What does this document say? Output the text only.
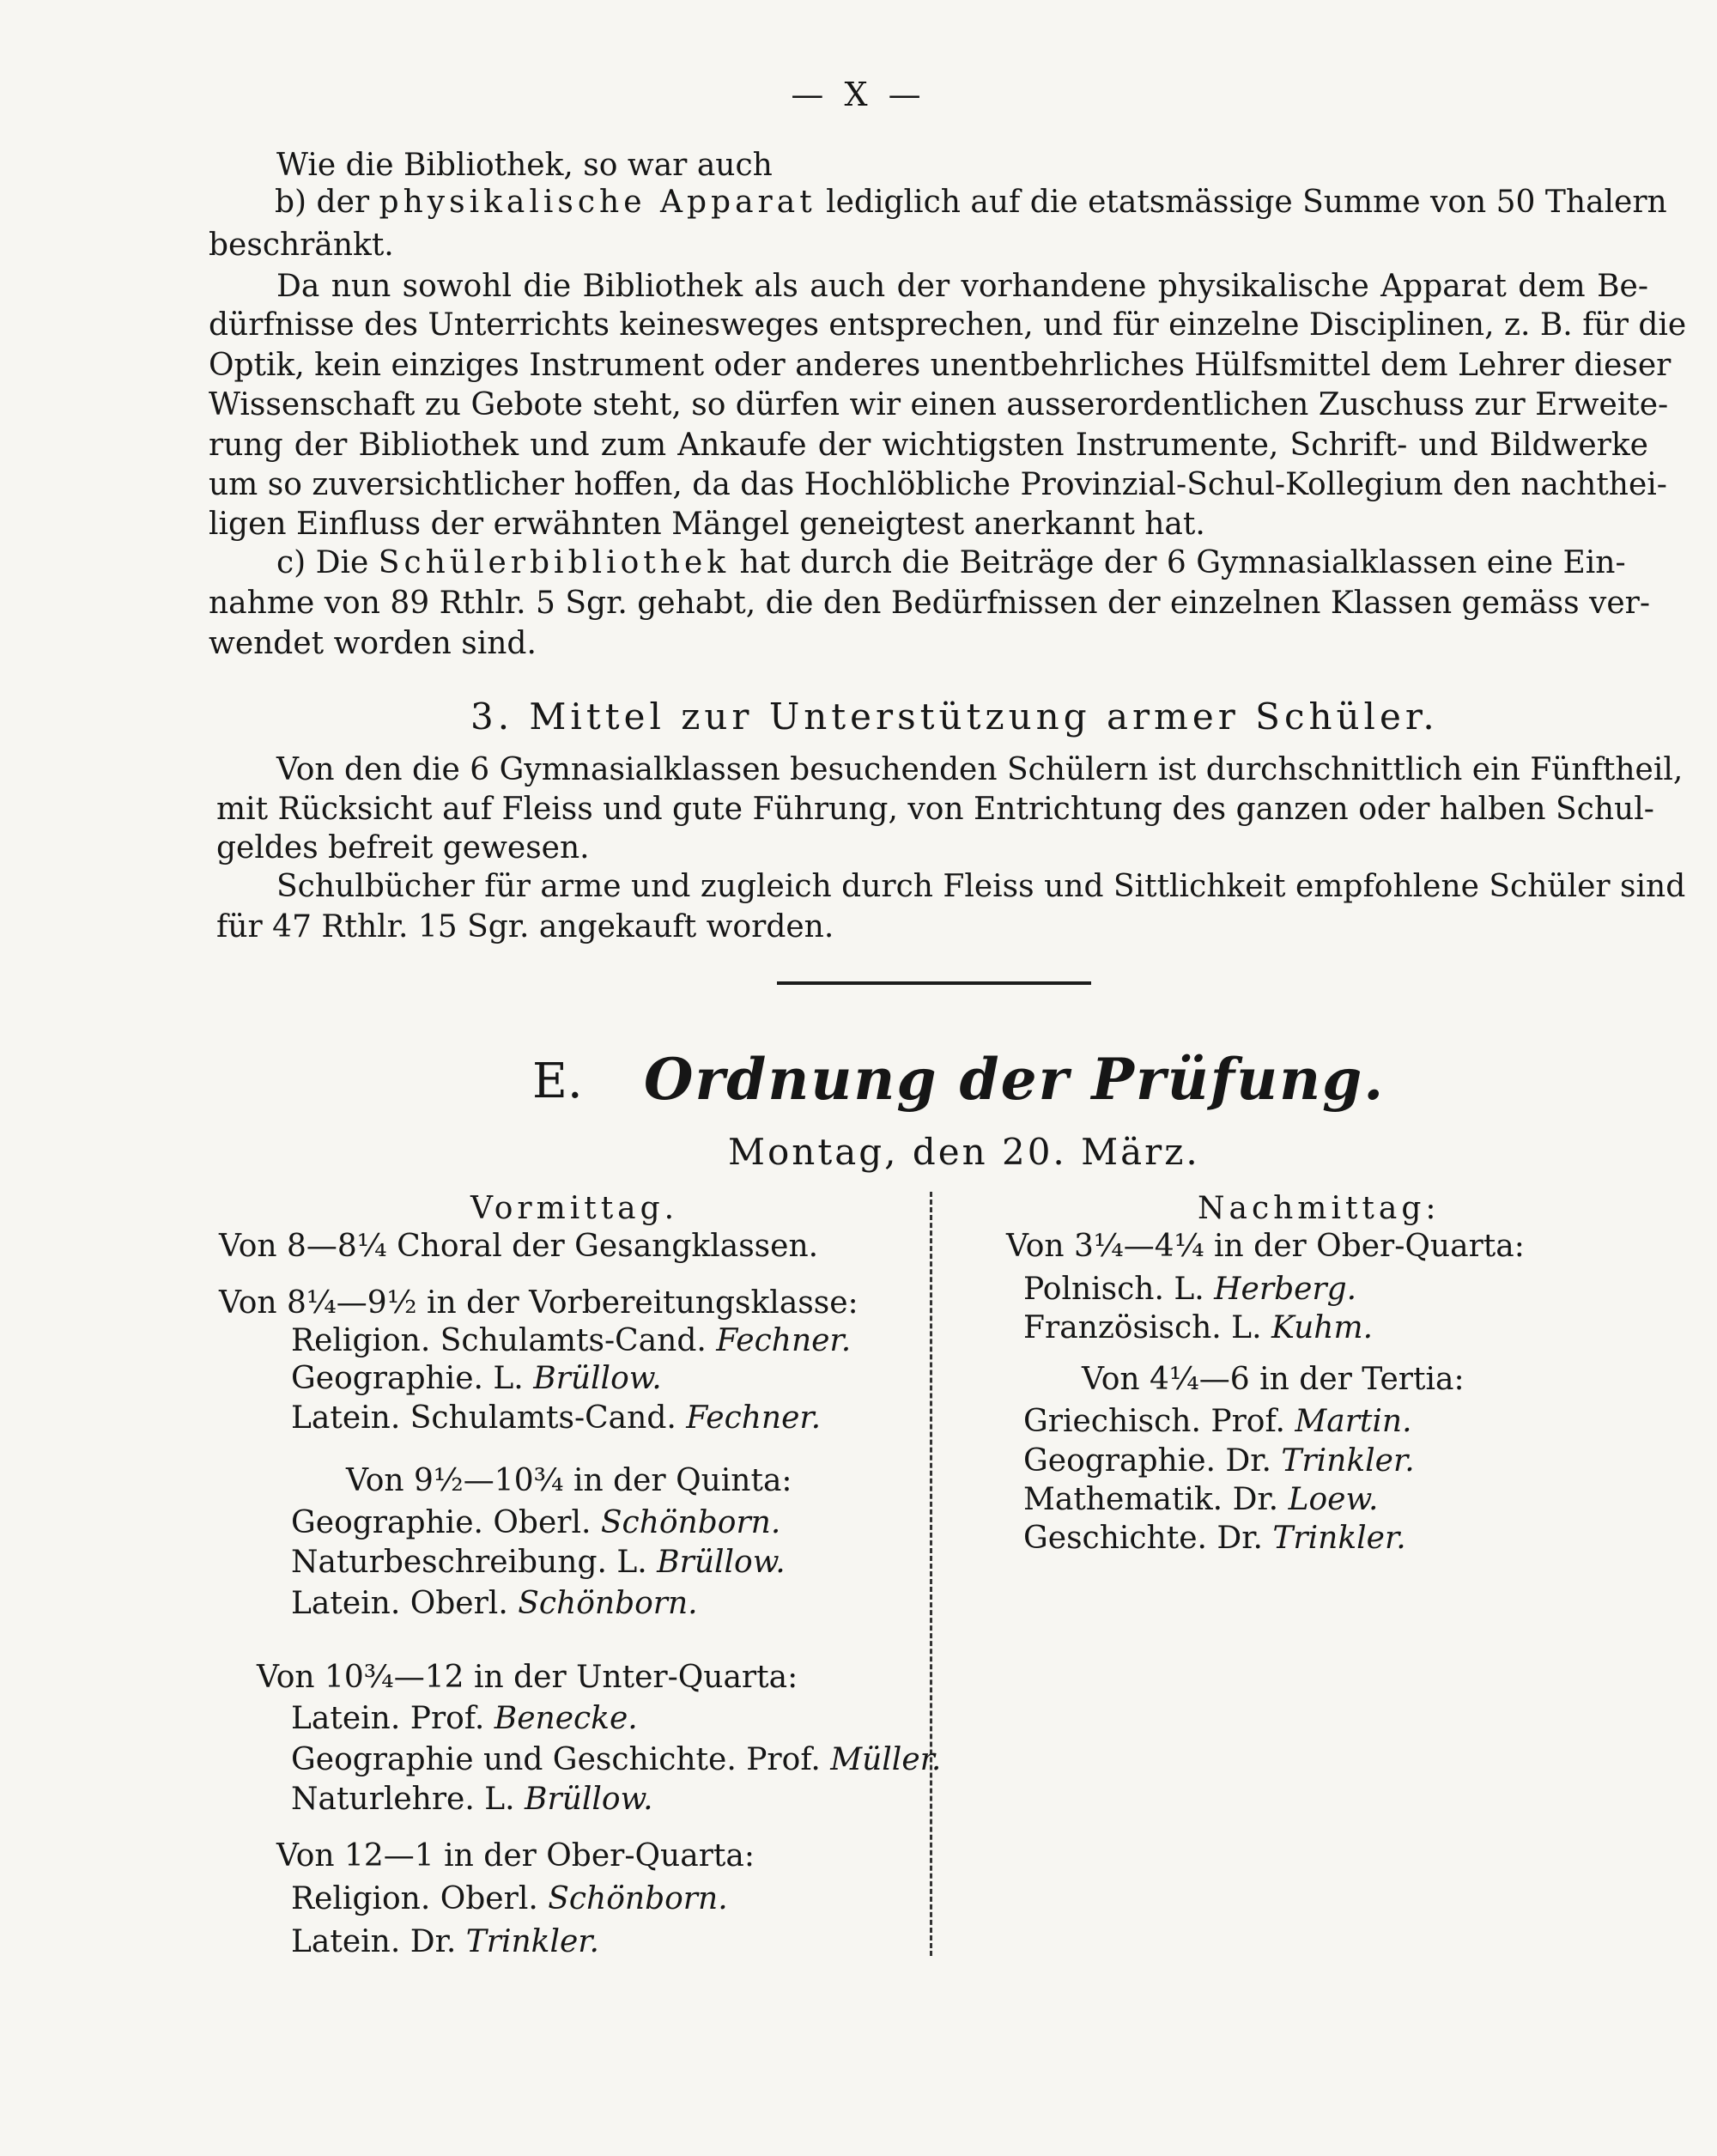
— X —
Wie die Bibliothek, so war auch
b) der physikalische Apparat lediglich auf die etatsmässige Summe von 50 Thalern
beschränkt.
Da nun sowohl die Bibliothek als auch der vorhandene physikalische Apparat dem Be-
dürfnisse des Unterrichts keinesweges entsprechen, und für einzelne Disciplinen, z. B. für die
Optik, kein einziges Instrument oder anderes unentbehrliches Hülfsmittel dem Lehrer dieser
Wissenschaft zu Gebote steht, so dürfen wir einen ausserordentlichen Zuschuss zur Erweite-
rung der Bibliothek und zum Ankaufe der wichtigsten Instrumente, Schrift- und Bildwerke
um so zuversichtlicher hoffen, da das Hochlöbliche Provinzial-Schul-Kollegium den nachthei-
ligen Einfluss der erwähnten Mängel geneigtest anerkannt hat.
c) Die Schülerbibliothek hat durch die Beiträge der 6 Gymnasialklassen eine Ein-
nahme von 89 Rthlr. 5 Sgr. gehabt, die den Bedürfnissen der einzelnen Klassen gemäss ver-
wendet worden sind.
3. Mittel zur Unterstützung armer Schüler.
Von den die 6 Gymnasialklassen besuchenden Schülern ist durchschnittlich ein Fünftheil,
mit Rücksicht auf Fleiss und gute Führung, von Entrichtung des ganzen oder halben Schul-
geldes befreit gewesen.
Schulbücher für arme und zugleich durch Fleiss und Sittlichkeit empfohlene Schüler sind
für 47 Rthlr. 15 Sgr. angekauft worden.
E. Ordnung der Prüfung.
Montag, den 20. März.
Vormittag.
Von 8—8¼ Choral der Gesangklassen.
Von 8¼—9½ in der Vorbereitungsklasse:
Religion. Schulamts-Cand. Fechner.
Geographie. L. Brüllow.
Latein. Schulamts-Cand. Fechner.
Von 9½—10¾ in der Quinta:
Geographie. Oberl. Schönborn.
Naturbeschreibung. L. Brüllow.
Latein. Oberl. Schönborn.
Von 10¾—12 in der Unter-Quarta:
Latein. Prof. Benecke.
Geographie und Geschichte. Prof. Müller.
Naturlehre. L. Brüllow.
Von 12—1 in der Ober-Quarta:
Religion. Oberl. Schönborn.
Latein. Dr. Trinkler.
Nachmittag:
Von 3¼—4¼ in der Ober-Quarta:
Polnisch. L. Herberg.
Französisch. L. Kuhm.
Von 4¼—6 in der Tertia:
Griechisch. Prof. Martin.
Geographie. Dr. Trinkler.
Mathematik. Dr. Loew.
Geschichte. Dr. Trinkler.
